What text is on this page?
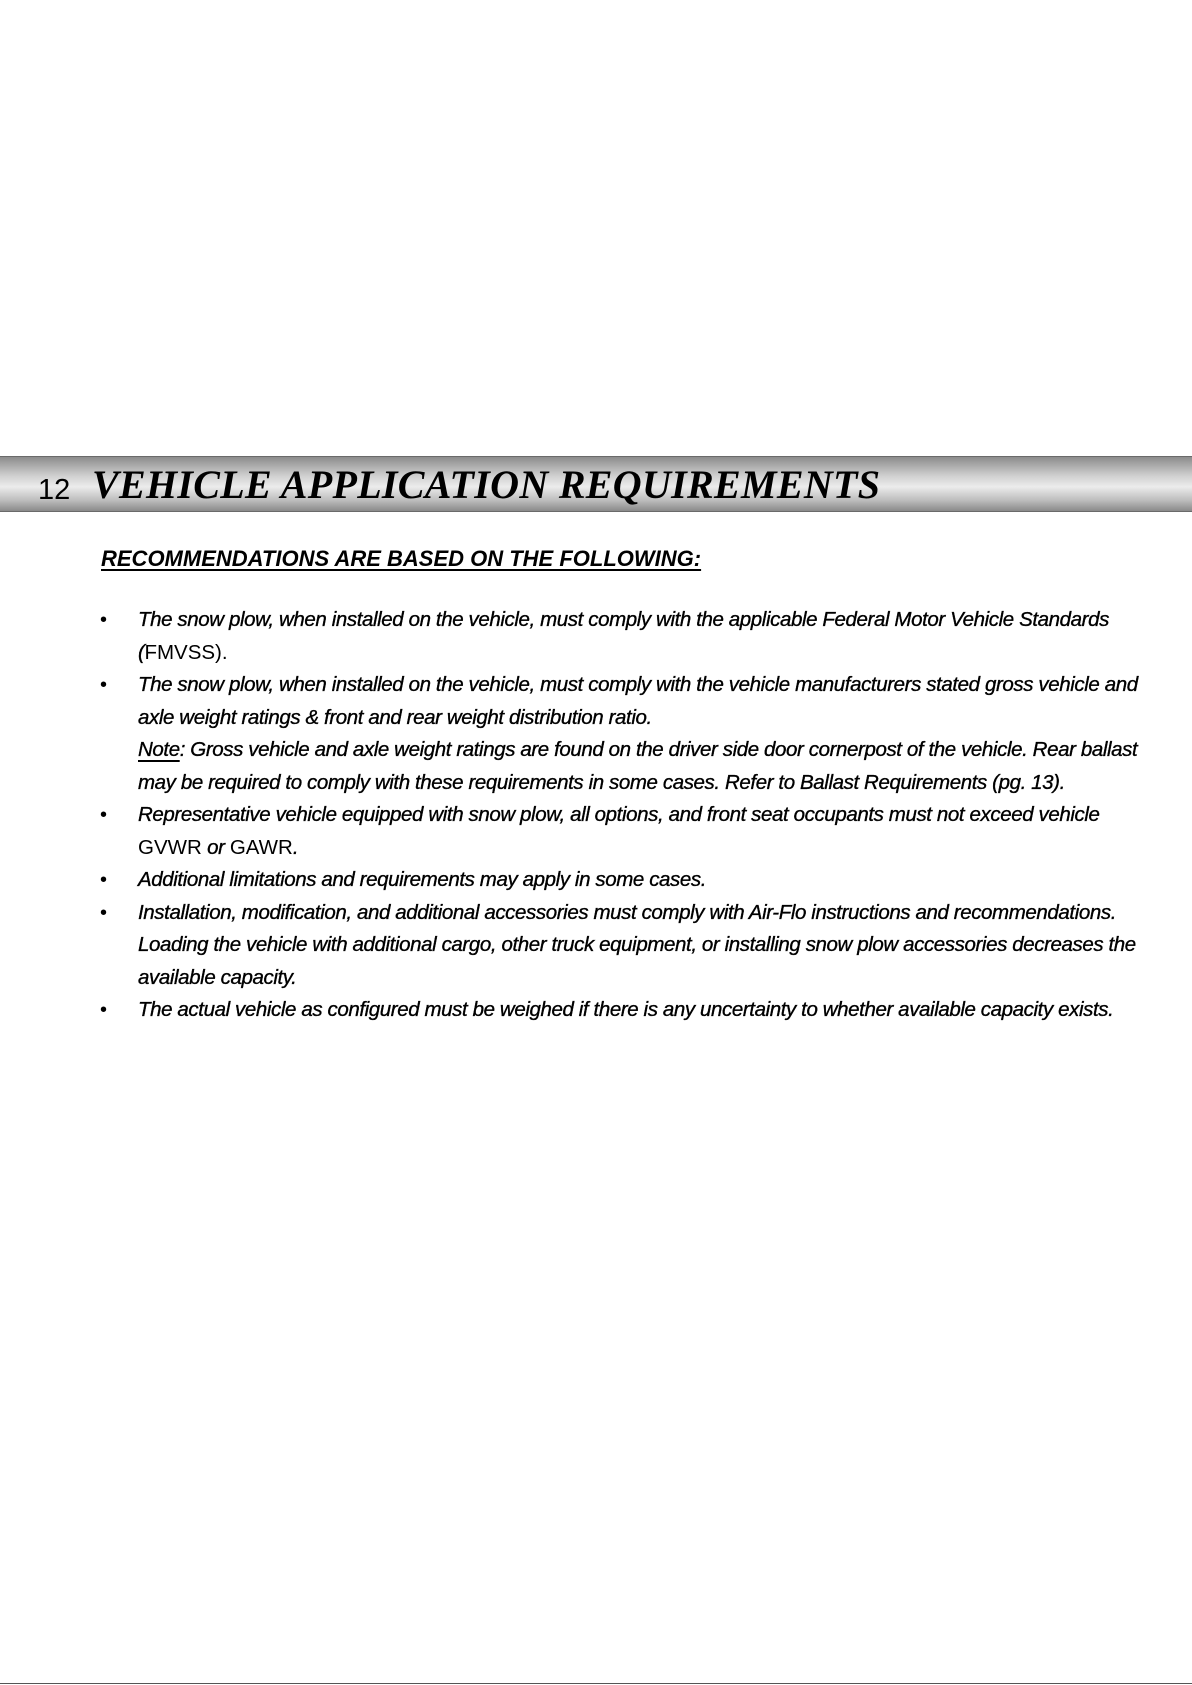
12 VEHICLE APPLICATION REQUIREMENTS
RECOMMENDATIONS ARE BASED ON THE FOLLOWING:
• The snow plow, when installed on the vehicle, must comply with the applicable Federal Motor Vehicle Standards (FMVSS).
• The snow plow, when installed on the vehicle, must comply with the vehicle manufacturers stated gross vehicle and axle weight ratings & front and rear weight distribution ratio.
Note: Gross vehicle and axle weight ratings are found on the driver side door cornerpost of the vehicle. Rear ballast may be required to comply with these requirements in some cases. Refer to Ballast Requirements (pg. 13).
• Representative vehicle equipped with snow plow, all options, and front seat occupants must not exceed vehicle GVWR or GAWR.
• Additional limitations and requirements may apply in some cases.
• Installation, modification, and additional accessories must comply with Air-Flo instructions and recommendations. Loading the vehicle with additional cargo, other truck equipment, or installing snow plow accessories decreases the available capacity.
• The actual vehicle as configured must be weighed if there is any uncertainty to whether available capacity exists.
